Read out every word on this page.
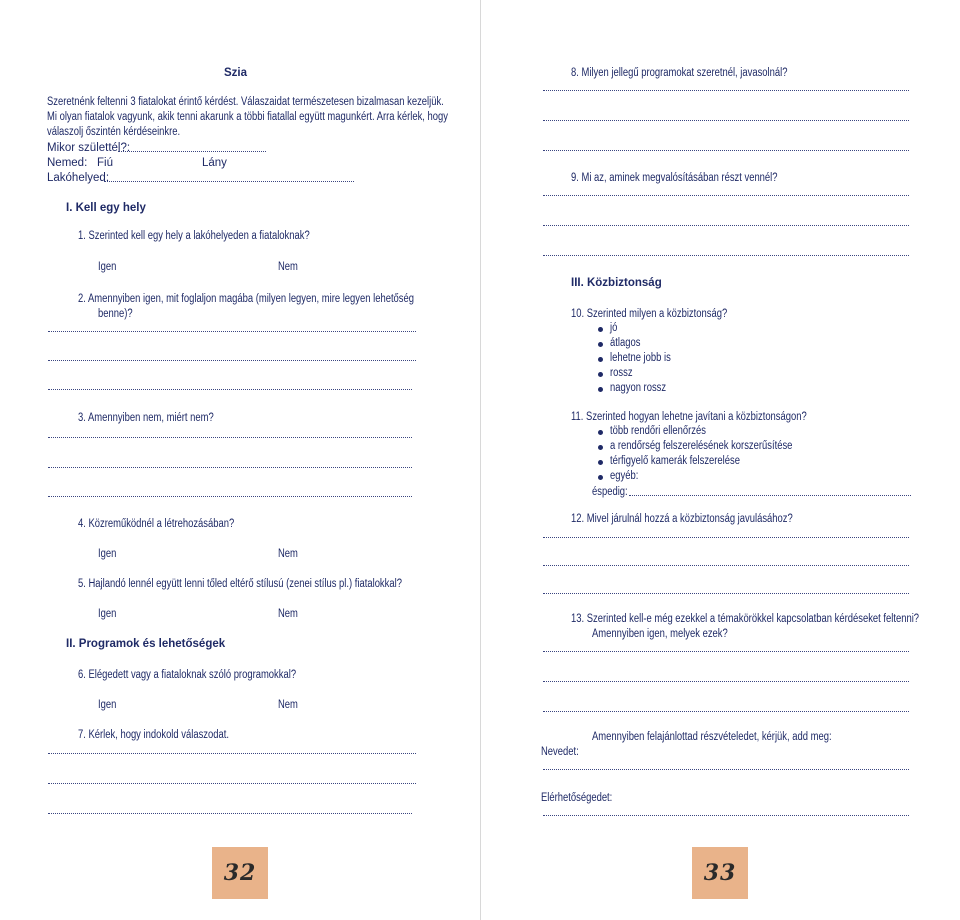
Szia
Szeretnénk feltenni 3 fiatalokat érintő kérdést. Válaszaidat természetesen bizalmasan kezeljük.
Mi olyan fiatalok vagyunk, akik tenni akarunk a többi fiatallal együtt magunkért. Arra kérlek, hogy
válaszolj őszintén kérdéseinkre.
Mikor születtél?:
Nemed: Fiú	Lány
Lakóhelyed:
I. Kell egy hely
1. Szerinted kell egy hely a lakóhelyeden a fiataloknak?
Igen	Nem
2. Amennyiben igen, mit foglaljon magába (milyen legyen, mire legyen lehetőség
benne)?
3. Amennyiben nem, miért nem?
4. Közreműködnél a létrehozásában?
Igen	Nem
5. Hajlandó lennél együtt lenni tőled eltérő stílusú (zenei stílus pl.) fiatalokkal?
Igen	Nem
II. Programok és lehetőségek
6. Elégedett vagy a fiataloknak szóló programokkal?
Igen	Nem
7. Kérlek, hogy indokold válaszodat.
32
8. Milyen jellegű programokat szeretnél, javasolnál?
9. Mi az, aminek megvalósításában részt vennél?
III. Közbiztonság
10. Szerinted milyen a közbiztonság?
jó
átlagos
lehetne jobb is
rossz
nagyon rossz
11. Szerinted hogyan lehetne javítani a közbiztonságon?
több rendőri ellenőrzés
a rendőrség felszerelésének korszerűsítése
térfigyelő kamerák felszerelése
egyéb:
éspedig:
12. Mivel járulnál hozzá a közbiztonság javulásához?
13. Szerinted kell-e még ezekkel a témakörökkel kapcsolatban kérdéseket feltenni?
Amennyiben igen, melyek ezek?
Amennyiben felajánlottad részvételedet, kérjük, add meg:
Nevedet:
Elérhetőségedet:
33
